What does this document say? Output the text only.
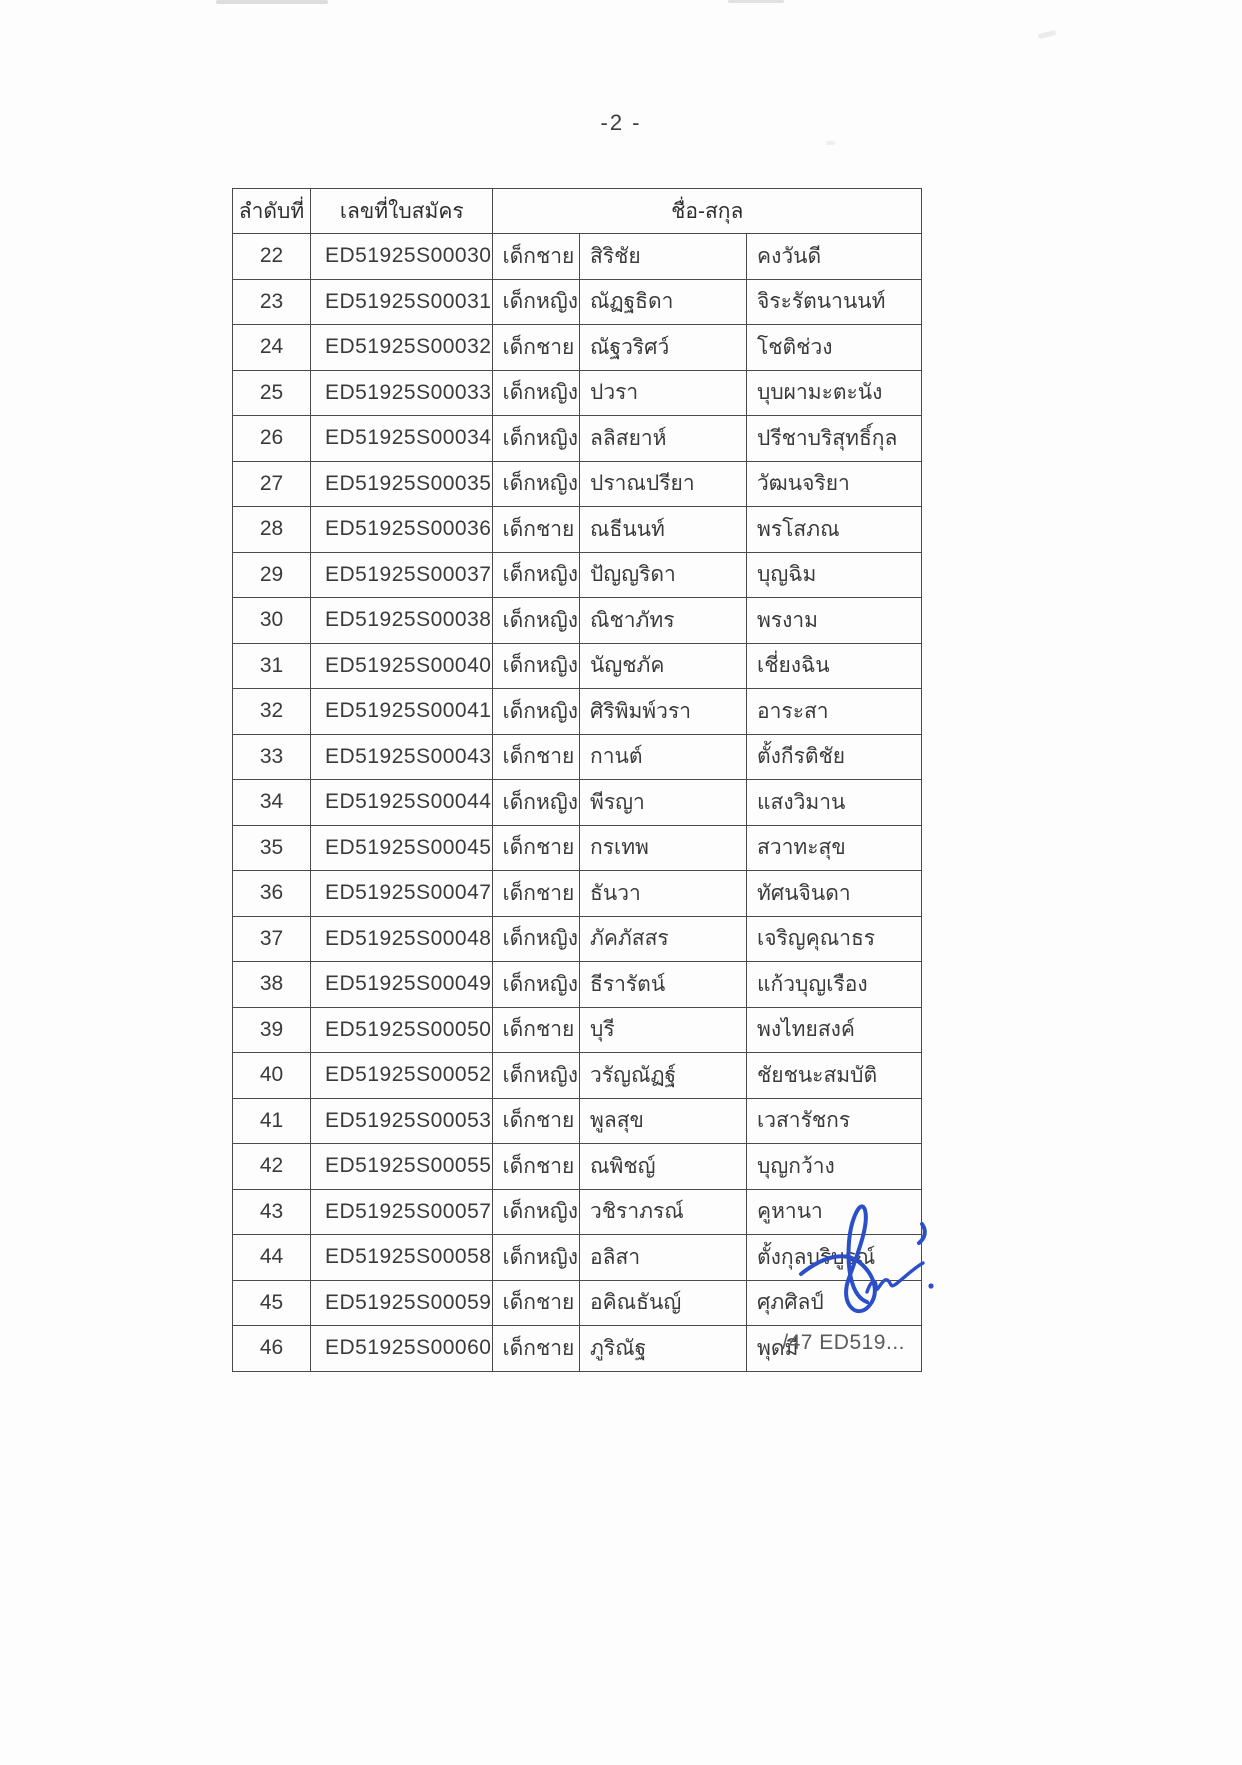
-2 -
ลำดับที่	เลขที่ใบสมัคร	ชื่อ-สกุล		
22	ED51925S00030	เด็กชาย	สิริชัย	คงวันดี
23	ED51925S00031	เด็กหญิง	ณัฏฐธิดา	จิระรัตนานนท์
24	ED51925S00032	เด็กชาย	ณัฐวริศว์	โชติช่วง
25	ED51925S00033	เด็กหญิง	ปวรา	บุบผามะตะนัง
26	ED51925S00034	เด็กหญิง	ลลิสยาห์	ปรีชาบริสุทธิ์กุล
27	ED51925S00035	เด็กหญิง	ปราณปรียา	วัฒนจริยา
28	ED51925S00036	เด็กชาย	ณธีนนท์	พรโสภณ
29	ED51925S00037	เด็กหญิง	ปัญญริดา	บุญฉิม
30	ED51925S00038	เด็กหญิง	ณิชาภัทร	พรงาม
31	ED51925S00040	เด็กหญิง	นัญชภัค	เชี่ยงฉิน
32	ED51925S00041	เด็กหญิง	ศิริพิมพ์วรา	อาระสา
33	ED51925S00043	เด็กชาย	กานต์	ตั้งกีรติชัย
34	ED51925S00044	เด็กหญิง	พีรญา	แสงวิมาน
35	ED51925S00045	เด็กชาย	กรเทพ	สวาทะสุข
36	ED51925S00047	เด็กชาย	ธันวา	ทัศนจินดา
37	ED51925S00048	เด็กหญิง	ภัคภัสสร	เจริญคุณาธร
38	ED51925S00049	เด็กหญิง	ธีรารัตน์	แก้วบุญเรือง
39	ED51925S00050	เด็กชาย	บุรี	พงไทยสงค์
40	ED51925S00052	เด็กหญิง	วรัญณัฏฐ์	ชัยชนะสมบัติ
41	ED51925S00053	เด็กชาย	พูลสุข	เวสารัชกร
42	ED51925S00055	เด็กชาย	ณพิชญ์	บุญกว้าง
43	ED51925S00057	เด็กหญิง	วชิราภรณ์	คูหานา
44	ED51925S00058	เด็กหญิง	อลิสา	ตั้งกุลบริบูรณ์
45	ED51925S00059	เด็กชาย	อคิณธันญ์	ศุภศิลป์
46	ED51925S00060	เด็กชาย	ภูริณัฐ	พุดมี
/47 ED519...
